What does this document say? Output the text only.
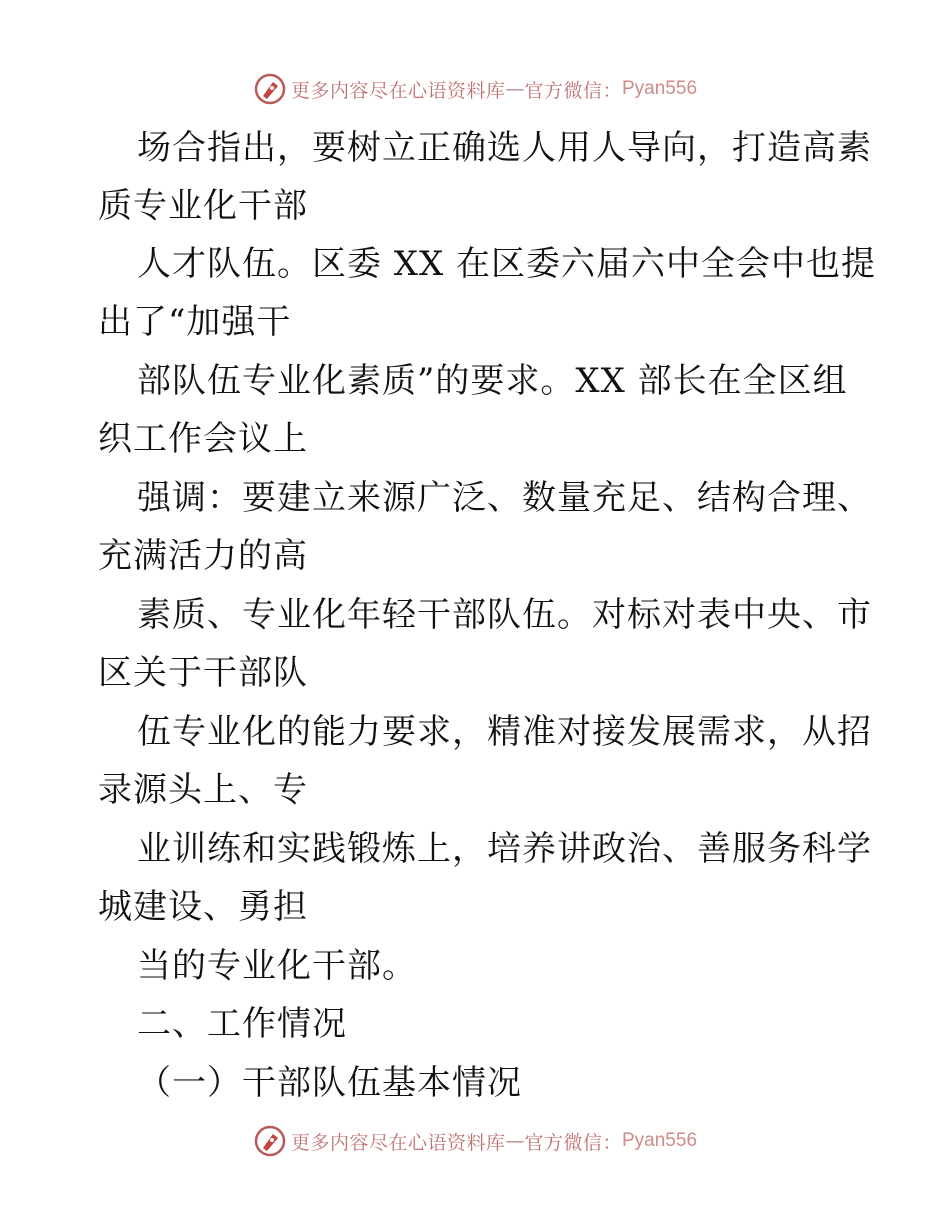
更多内容尽在心语资料库 — 官方微信： Pyan556
场合指出，要树立正确选人用人导向，打造高素
质专业化干部
人才队伍。区委 XX 在区委六届六中全会中也提
出了“加强干
部队伍专业化素质”的要求。XX 部长在全区组
织工作会议上
强调：要建立来源广泛、数量充足、结构合理、
充满活力的高
素质、专业化年轻干部队伍。对标对表中央、市
区关于干部队
伍专业化的能力要求，精准对接发展需求，从招
录源头上、专
业训练和实践锻炼上，培养讲政治、善服务科学
城建设、勇担
当的专业化干部。
二、工作情况
（一）干部队伍基本情况
更多内容尽在心语资料库 — 官方微信： Pyan556
